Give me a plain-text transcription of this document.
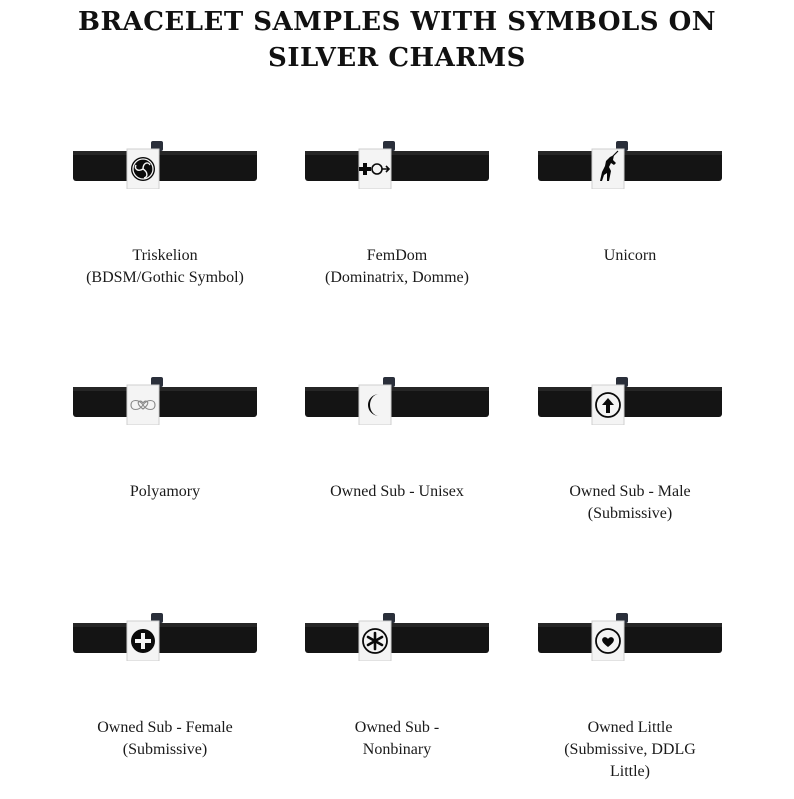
BRACELET SAMPLES WITH SYMBOLS ON
SILVER CHARMS
Triskelion
(BDSM/Gothic Symbol)
FemDom
(Dominatrix, Domme)
Unicorn
Polyamory	Owned Sub - Unisex	Owned Sub - Male
(Submissive)
Owned Sub - Female
(Submissive)
Owned Sub -
Nonbinary
Owned Little
(Submissive, DDLG
Little)
